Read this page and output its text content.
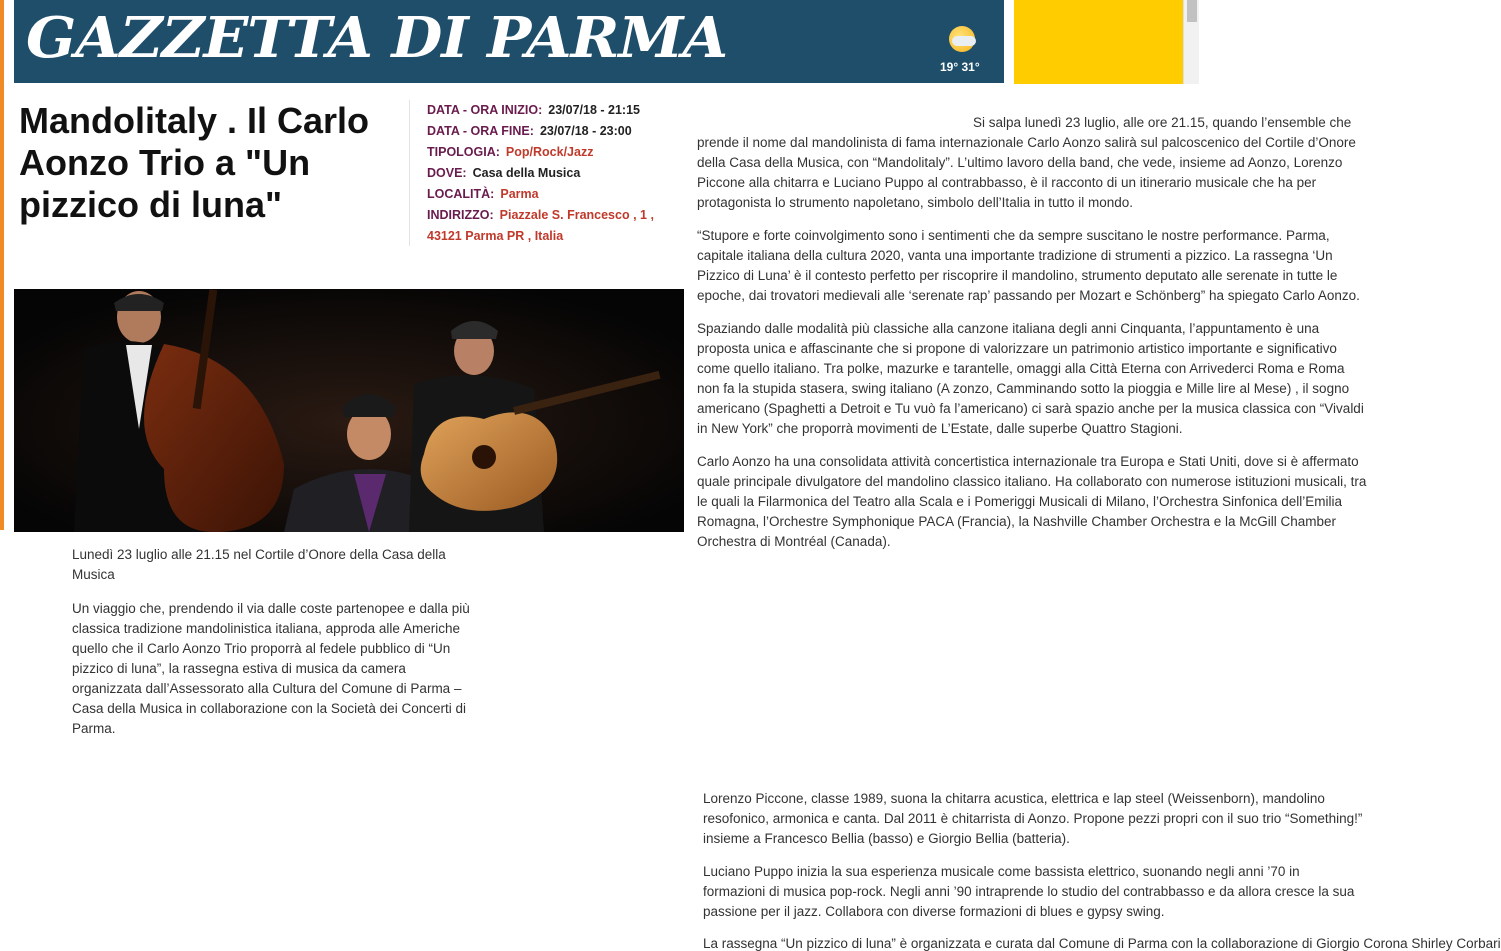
GAZZETTA DI PARMA	19° 31°
Mandolitaly . Il Carlo Aonzo Trio a "Un pizzico di luna"
DATA - ORA INIZIO: 23/07/18 - 21:15
DATA - ORA FINE: 23/07/18 - 23:00
TIPOLOGIA: Pop/Rock/Jazz
DOVE: Casa della Musica
LOCALITÀ: Parma
INDIRIZZO: Piazzale S. Francesco , 1 ,
43121 Parma PR , Italia

Lunedì 23 luglio alle 21.15 nel Cortile d’Onore della Casa della Musica

Un viaggio che, prendendo il via dalle coste partenopee e dalla più classica tradizione mandolinistica italiana, approda alle Americhe quello che il Carlo Aonzo Trio proporrà al fedele pubblico di “Un pizzico di luna”, la rassegna estiva di musica da camera organizzata dall’Assessorato alla Cultura del Comune di Parma – Casa della Musica in collaborazione con la Società dei Concerti di Parma.

Si salpa lunedì 23 luglio, alle ore 21.15, quando l’ensemble che prende il nome dal mandolinista di fama internazionale Carlo Aonzo salirà sul palcoscenico del Cortile d’Onore della Casa della Musica, con “Mandolitaly”. L’ultimo lavoro della band, che vede, insieme ad Aonzo, Lorenzo Piccone alla chitarra e Luciano Puppo al contrabbasso, è il racconto di un itinerario musicale che ha per protagonista lo strumento napoletano, simbolo dell’Italia in tutto il mondo.

“Stupore e forte coinvolgimento sono i sentimenti che da sempre suscitano le nostre performance. Parma, capitale italiana della cultura 2020, vanta una importante tradizione di strumenti a pizzico. La rassegna ‘Un Pizzico di Luna’ è il contesto perfetto per riscoprire il mandolino, strumento deputato alle serenate in tutte le epoche, dai trovatori medievali alle ‘serenate rap’ passando per Mozart e Schönberg” ha spiegato Carlo Aonzo.

Spaziando dalle modalità più classiche alla canzone italiana degli anni Cinquanta, l’appuntamento è una proposta unica e affascinante che si propone di valorizzare un patrimonio artistico importante e significativo come quello italiano. Tra polke, mazurke e tarantelle, omaggi alla Città Eterna con Arrivederci Roma e Roma non fa la stupida stasera, swing italiano (A zonzo, Camminando sotto la pioggia e Mille lire al Mese) , il sogno americano (Spaghetti a Detroit e Tu vuò fa l’americano) ci sarà spazio anche per la musica classica con “Vivaldi in New York” che proporrà movimenti de L’Estate, dalle superbe Quattro Stagioni.

Carlo Aonzo ha una consolidata attività concertistica internazionale tra Europa e Stati Uniti, dove si è affermato quale principale divulgatore del mandolino classico italiano. Ha collaborato con numerose istituzioni musicali, tra le quali la Filarmonica del Teatro alla Scala e i Pomeriggi Musicali di Milano, l’Orchestra Sinfonica dell’Emilia Romagna, l’Orchestre Symphonique PACA (Francia), la Nashville Chamber Orchestra e la McGill Chamber Orchestra di Montréal (Canada).

Lorenzo Piccone, classe 1989, suona la chitarra acustica, elettrica e lap steel (Weissenborn), mandolino resofonico, armonica e canta. Dal 2011 è chitarrista di Aonzo. Propone pezzi propri con il suo trio “Something!” insieme a Francesco Bellia (basso) e Giorgio Bellia (batteria).

Luciano Puppo inizia la sua esperienza musicale come bassista elettrico, suonando negli anni ’70 in formazioni di musica pop-rock. Negli anni ’90 intraprende lo studio del contrabbasso e da allora cresce la sua passione per il jazz. Collabora con diverse formazioni di blues e gypsy swing.

La rassegna “Un pizzico di luna” è organizzata e curata dal Comune di Parma con la collaborazione di Giorgio Corona Shirley Corbari
